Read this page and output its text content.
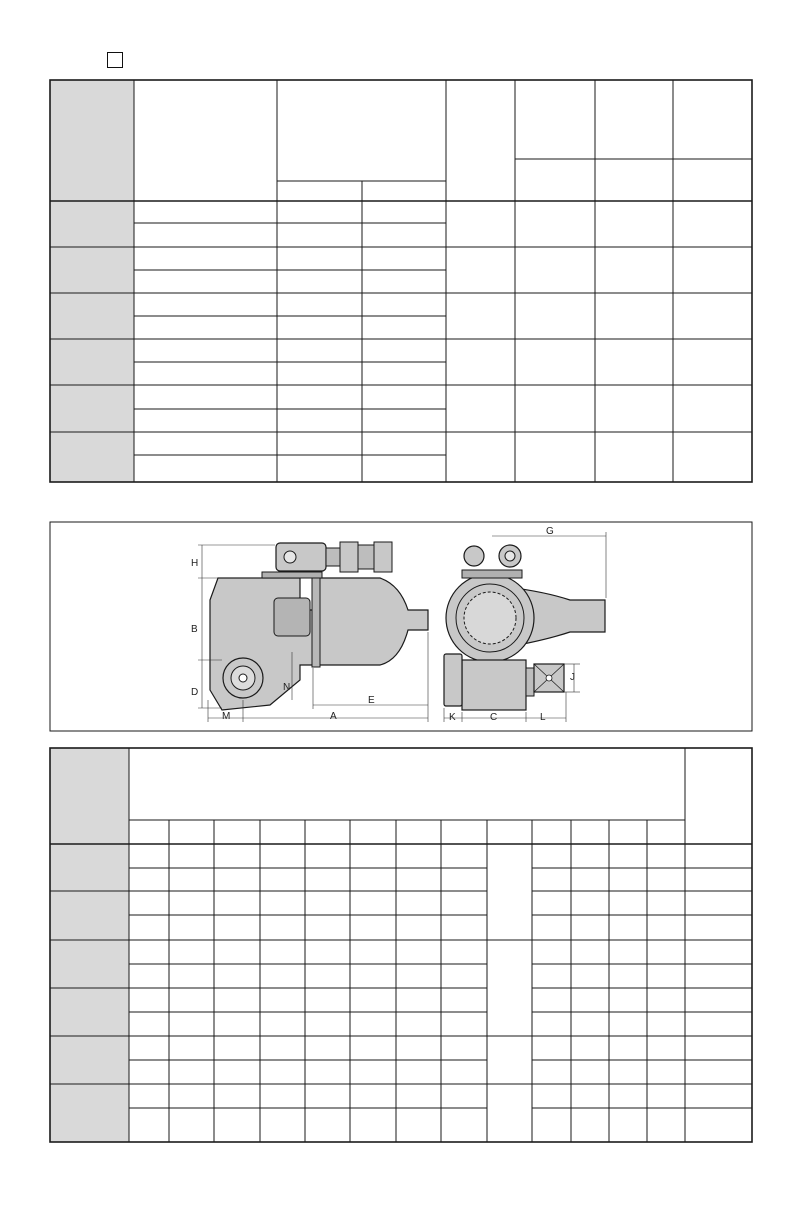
H
B
D
M	A
E
N
G
J
K	C	L
